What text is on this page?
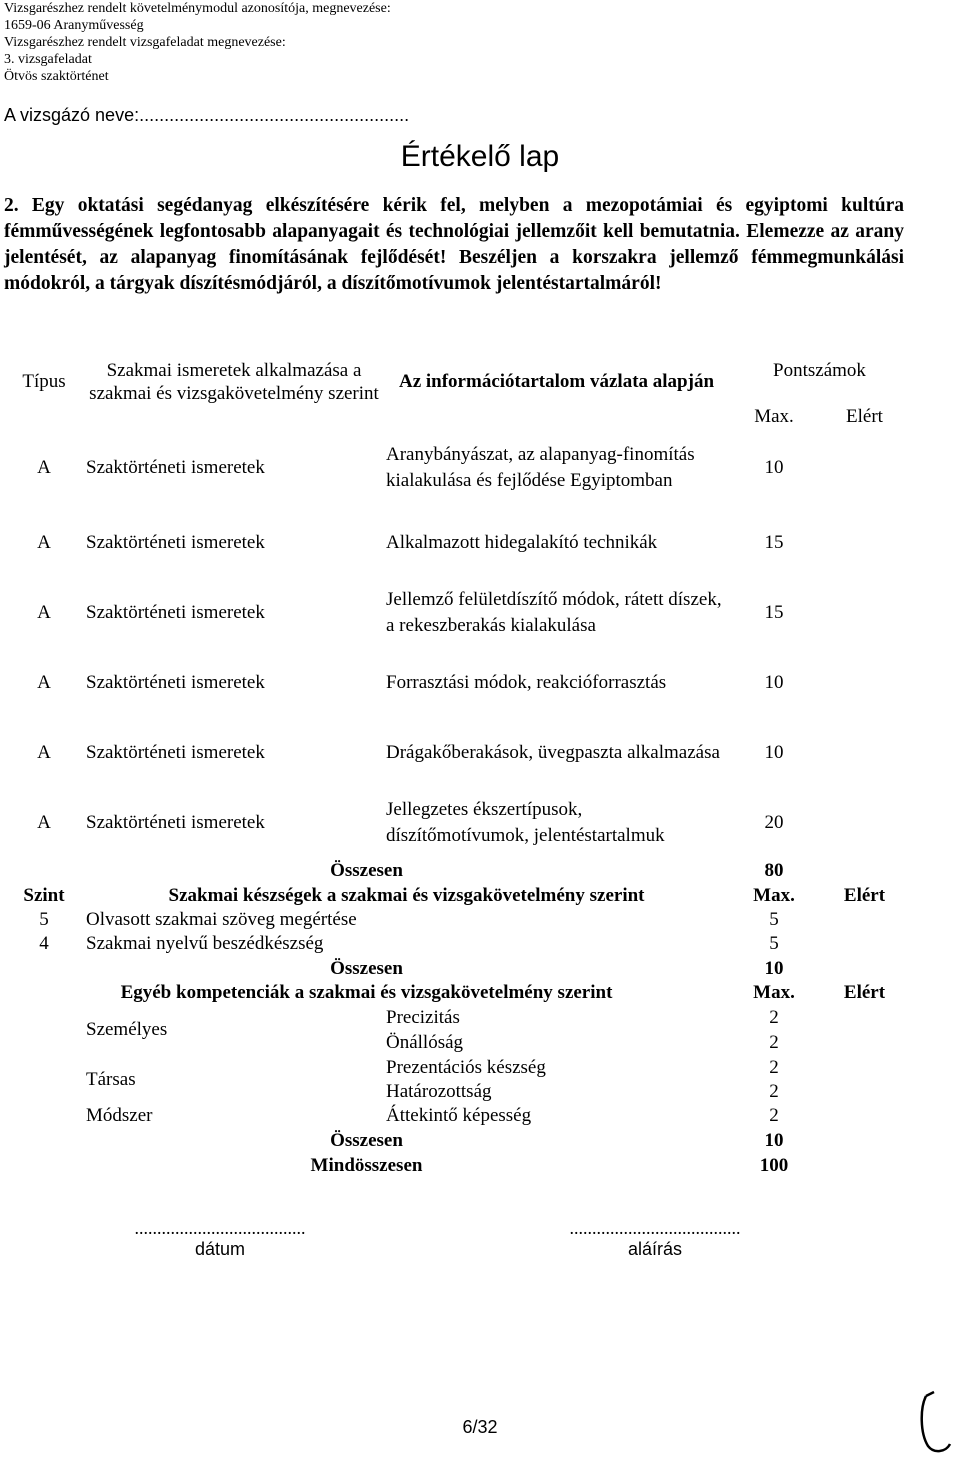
Vizsgarészhez rendelt követelménymodul azonosítója, megnevezése:
1659-06 Aranyművesség
Vizsgarészhez rendelt vizsgafeladat megnevezése:
3. vizsgafeladat
Ötvös szaktörténet
A vizsgázó neve:......................................................
Értékelő lap
2. Egy oktatási segédanyag elkészítésére kérik fel, melyben a mezopotámiai és egyiptomi kultúra fémművességének legfontosabb alapanyagait és technológiai jellemzőit kell bemutatnia. Elemezze az arany jelentését, az alapanyag finomításának fejlődését! Beszéljen a korszakra jellemző fémmegmunkálási módokról, a tárgyak díszítésmódjáról, a díszítőmotívumok jelentéstartalmáról!
Típus	Szakmai ismeretek alkalmazása a szakmai és vizsgakövetelmény szerint	Az információtartalom vázlata alapján	Pontszámok	
			Max.	Elért
A	Szaktörténeti ismeretek	Aranybányászat, az alapanyag-finomítás kialakulása és fejlődése Egyiptomban	10	
A	Szaktörténeti ismeretek	Alkalmazott hidegalakító technikák	15	
A	Szaktörténeti ismeretek	Jellemző felületdíszítő módok, rátett díszek, a rekeszberakás kialakulása	15	
A	Szaktörténeti ismeretek	Forrasztási módok, reakcióforrasztás	10	
A	Szaktörténeti ismeretek	Drágakőberakások, üvegpaszta alkalmazása	10	
A	Szaktörténeti ismeretek	Jellegzetes ékszertípusok, díszítőmotívumok, jelentéstartalmuk	20	
Összesen			80	
Szint	Szakmai készségek a szakmai és vizsgakövetelmény szerint		Max.	Elért
5	Olvasott szakmai szöveg megértése		5	
4	Szakmai nyelvű beszédkészség		5	
Összesen			10	
Egyéb kompetenciák a szakmai és vizsgakövetelmény szerint			Max.	Elért
	Személyes	Precizitás	2	
		Önállóság	2	
	Társas	Prezentációs készség	2	
		Határozottság	2	
	Módszer	Áttekintő képesség	2	
Összesen			10	
Mindösszesen			100	
......................................
dátum
......................................
aláírás
6/32
